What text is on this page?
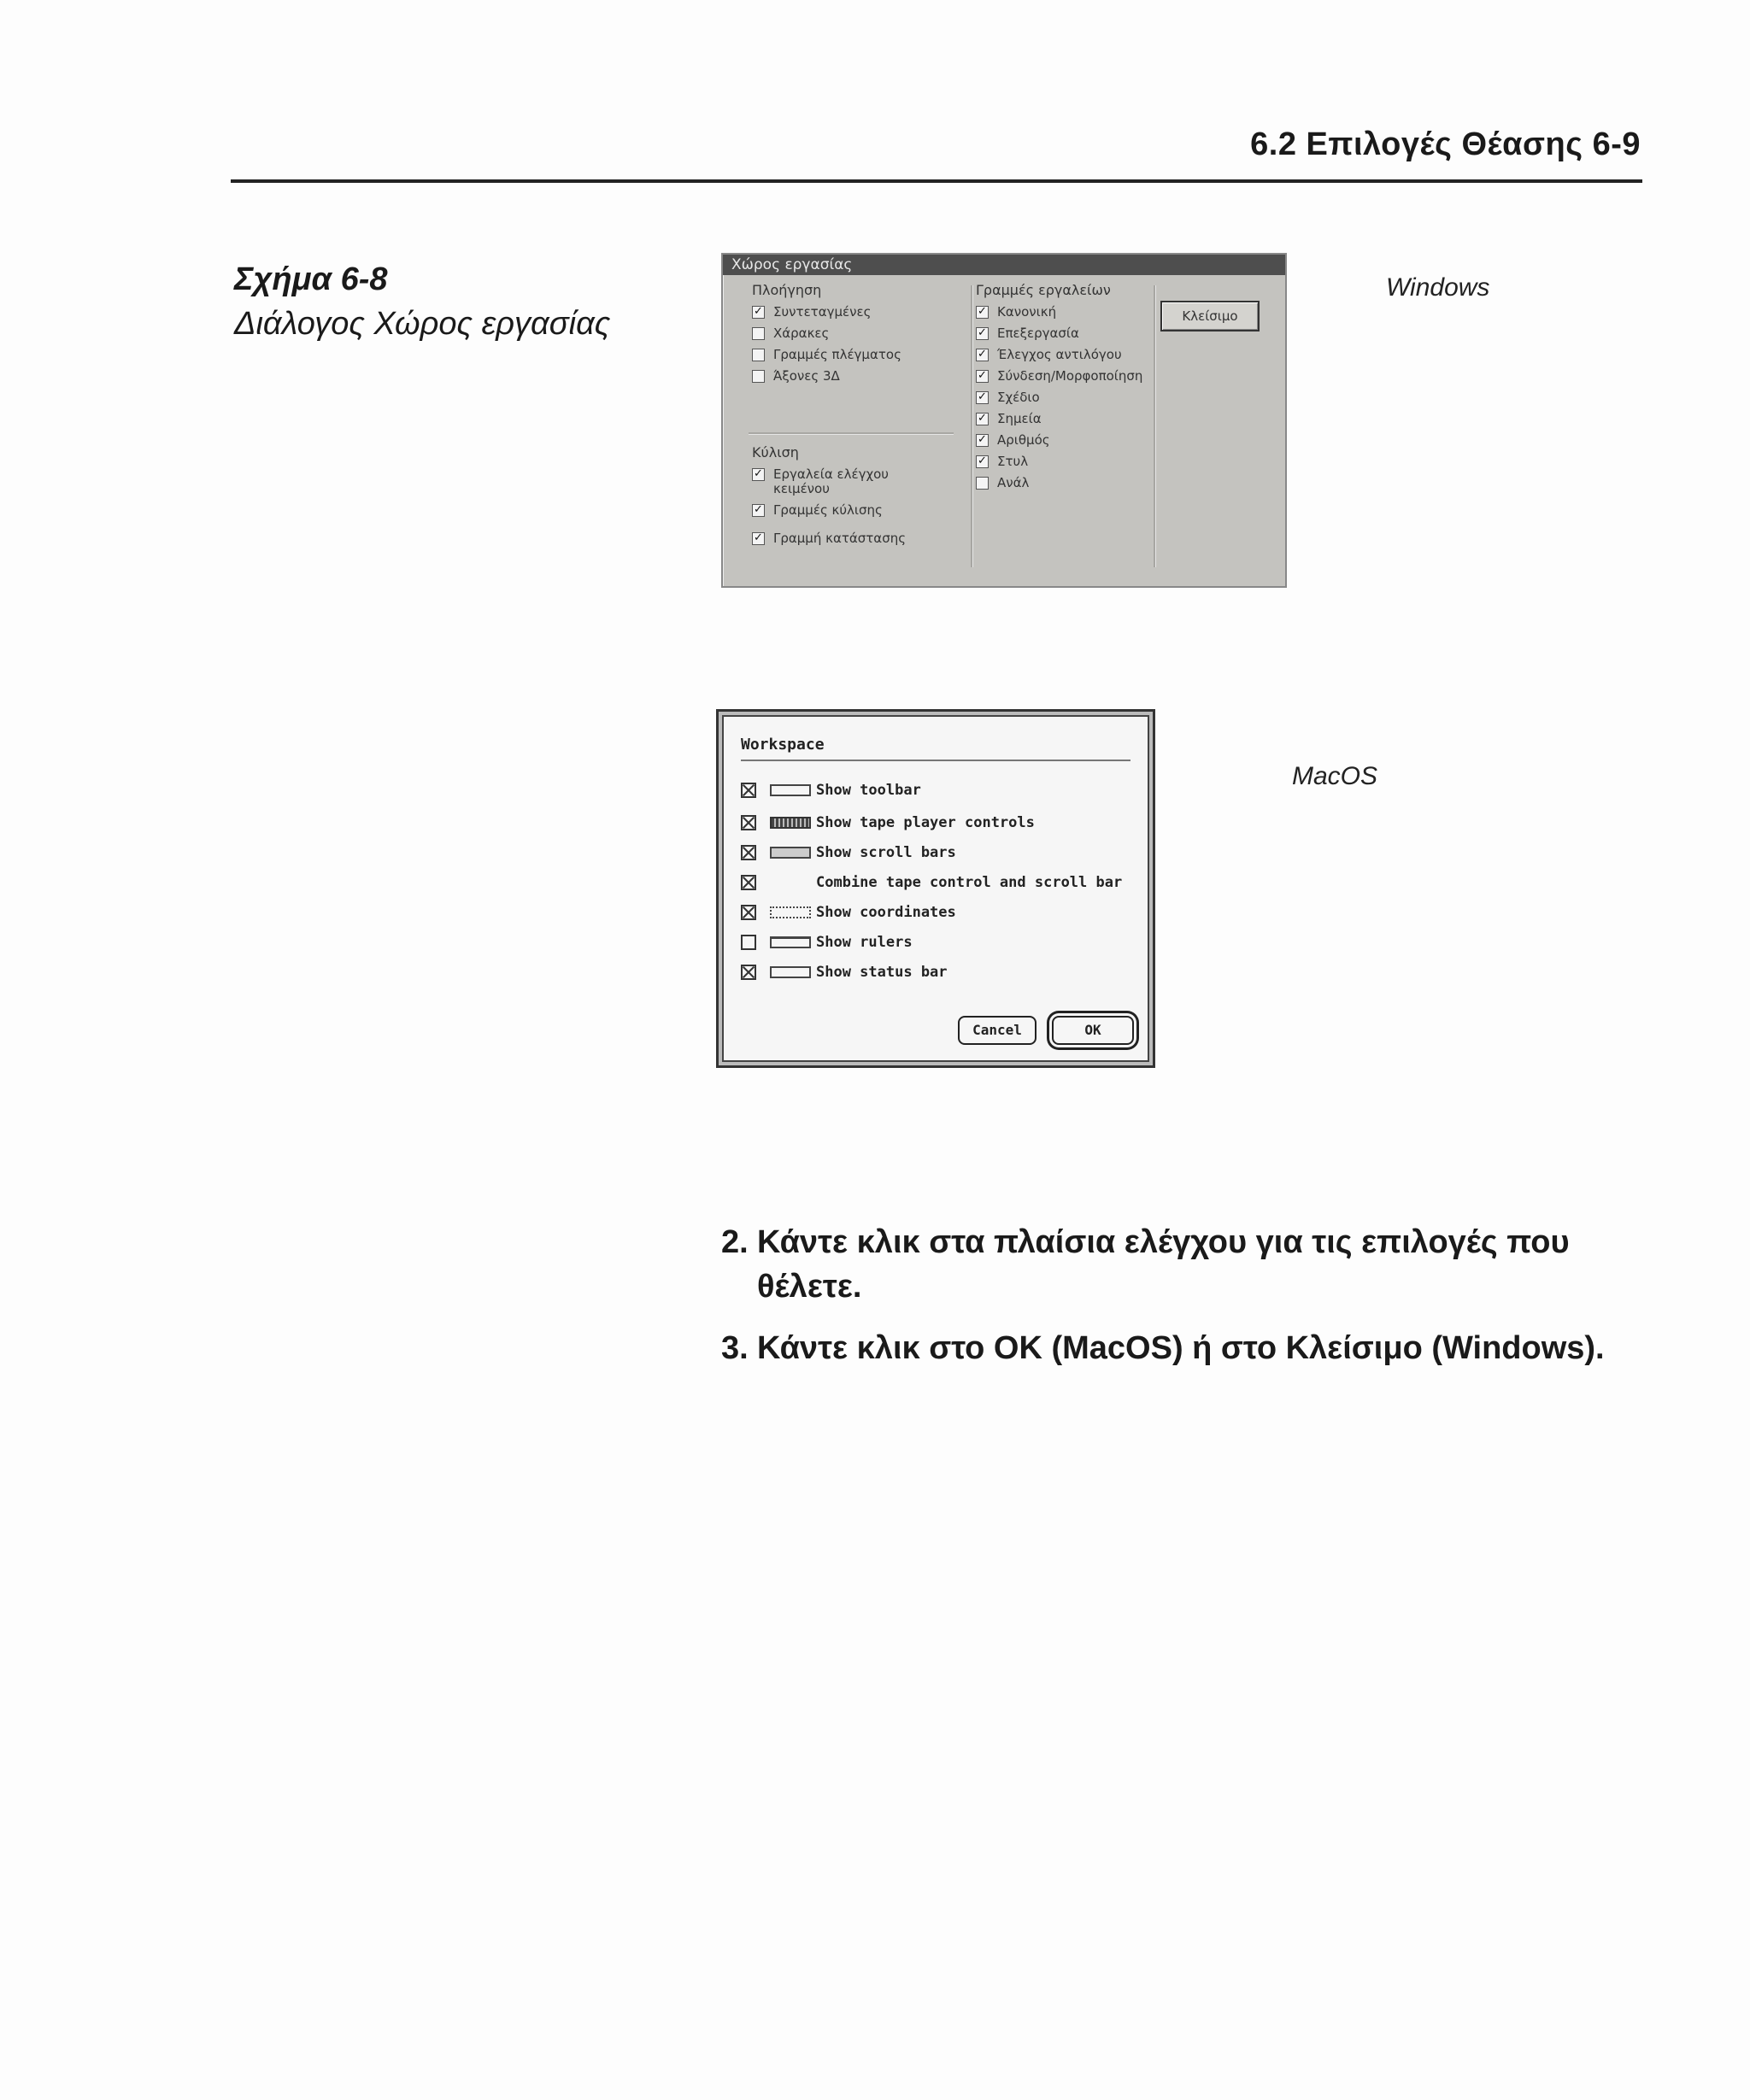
6.2 Επιλογές Θέασης 6-9
Σχήμα 6-8
Διάλογος Χώρος εργασίας
Χώρος εργασίας
Πλοήγηση
✓
Συντεταγμένες
Χάρακες
Γραμμές πλέγματος
Άξονες 3Δ
Κύλιση
✓
Εργαλεία ελέγχου κειμένου
✓
Γραμμές κύλισης
✓
Γραμμή κατάστασης
Γραμμές εργαλείων
✓
Κανονική
✓
Επεξεργασία
✓
Έλεγχος αντιλόγου
✓
Σύνδεση/Μορφοποίηση
✓
Σχέδιο
✓
Σημεία
✓
Αριθμός
✓
Στυλ
Ανάλ
Κλείσιμο
Windows
Workspace
Show toolbar
Show tape player controls
Show scroll bars
Combine tape control and scroll bar
Show coordinates
Show rulers
Show status bar
Cancel	OK
MacOS
2. Κάντε κλικ στα πλαίσια ελέγχου για τις επιλογές που θέλετε.
3. Κάντε κλικ στο OK (MacOS) ή στο Κλείσιμο (Windows).
